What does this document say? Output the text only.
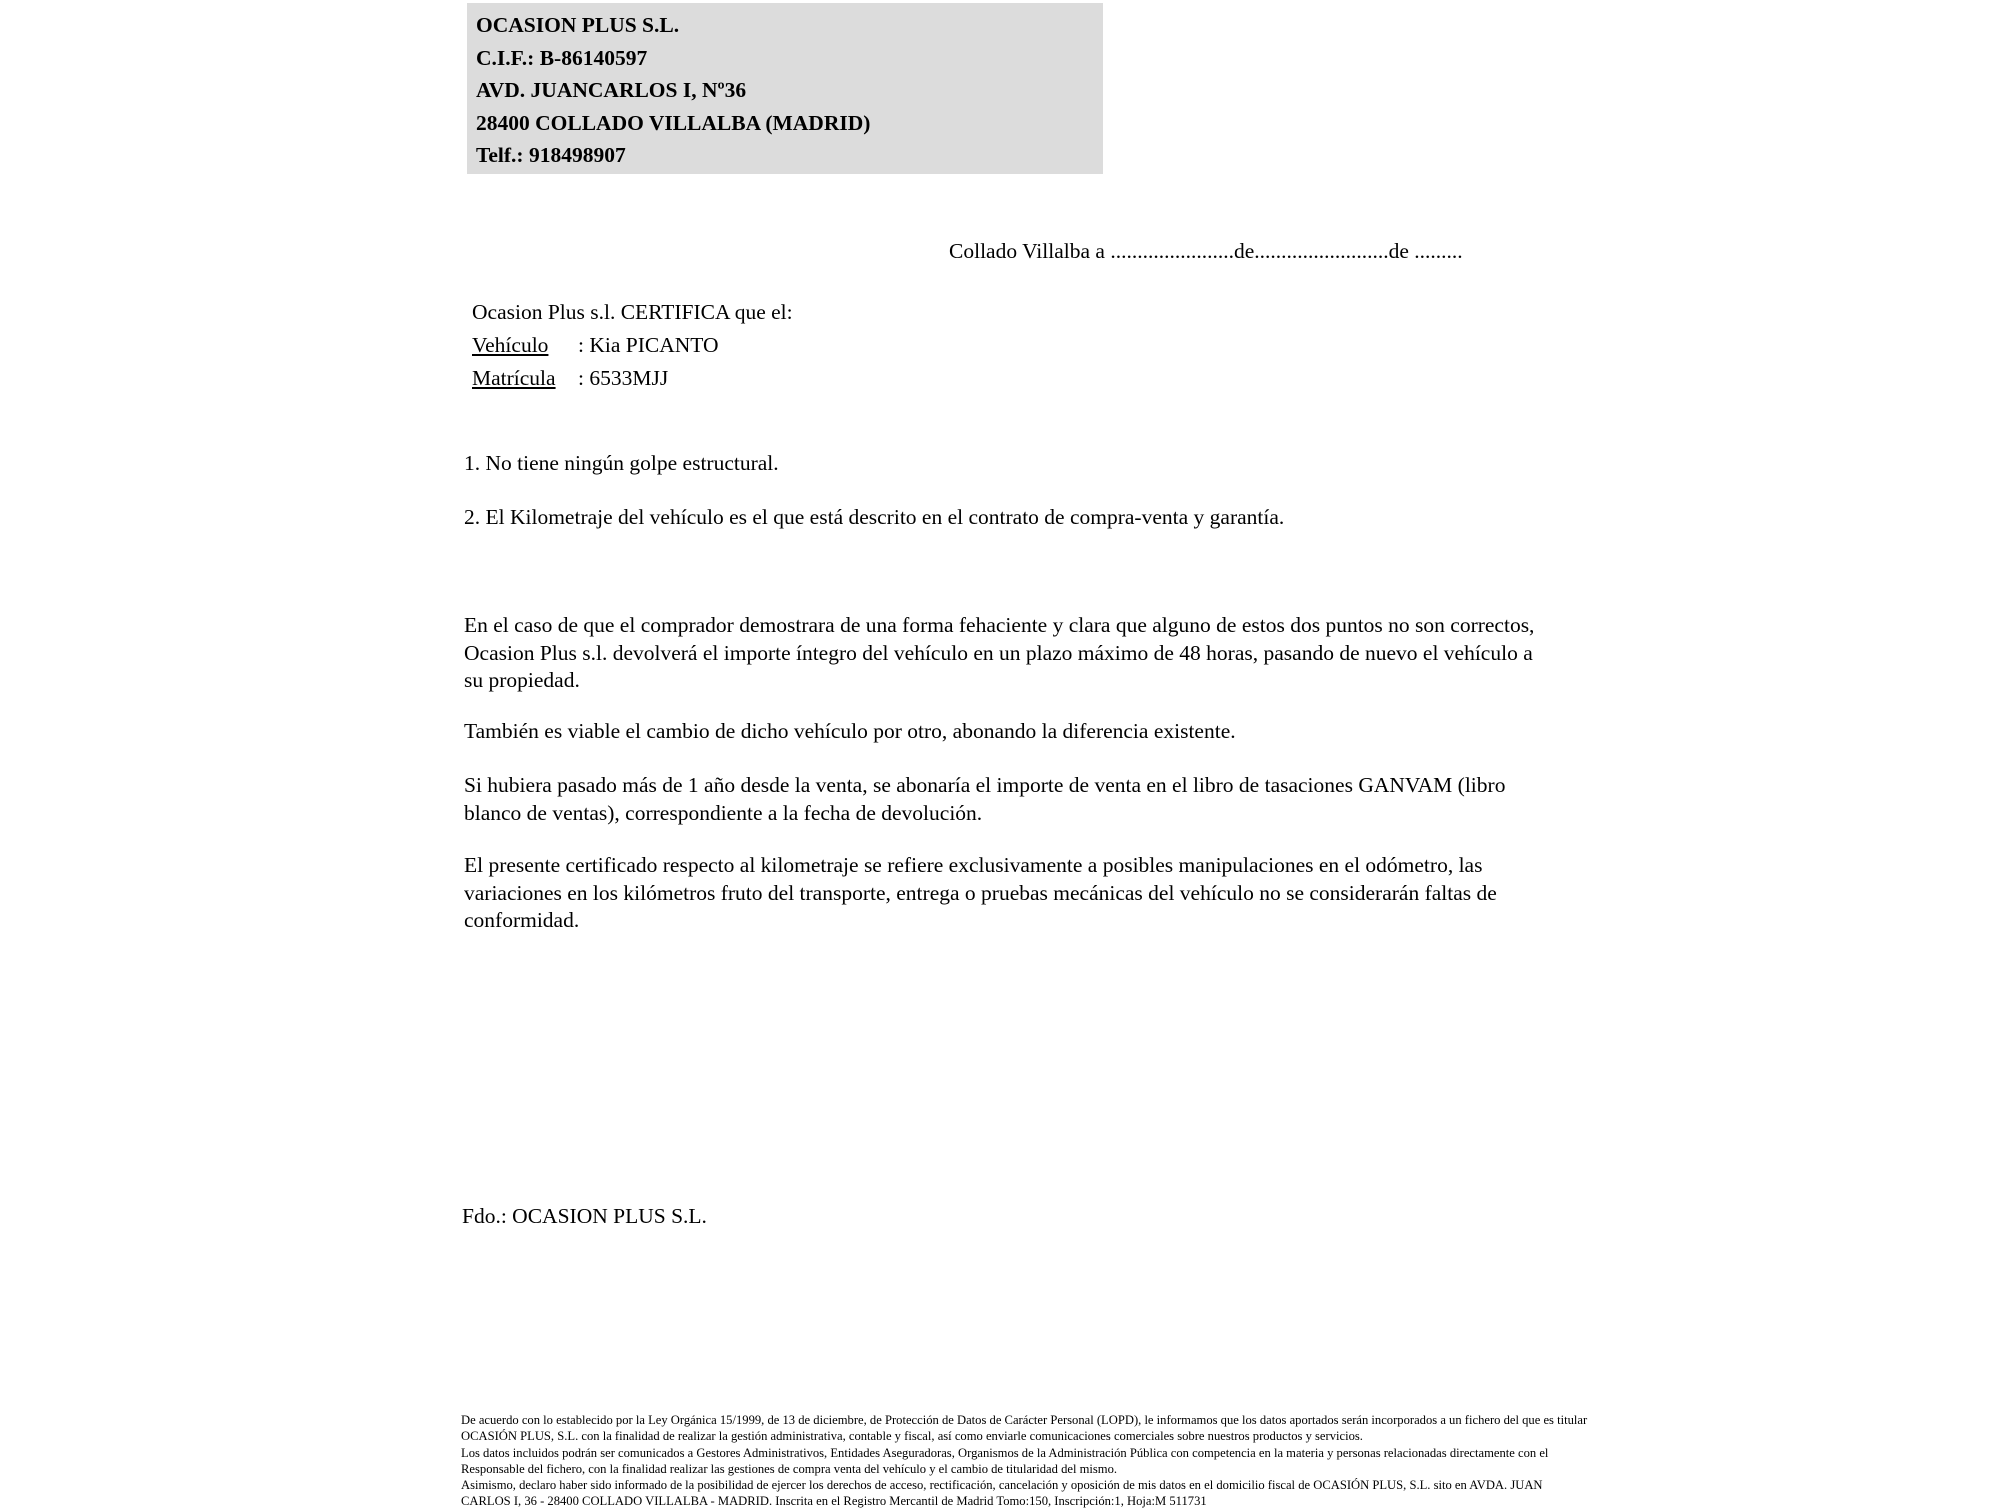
OCASION PLUS S.L.
C.I.F.: B-86140597
AVD. JUANCARLOS I, Nº36
28400 COLLADO VILLALBA (MADRID)
Telf.: 918498907
Collado Villalba a .......................de.........................de .........
Ocasion Plus s.l. CERTIFICA que el:
Vehículo : Kia PICANTO
Matrícula : 6533MJJ
1. No tiene ningún golpe estructural.
2. El Kilometraje del vehículo es el que está descrito en el contrato de compra-venta y garantía.
En el caso de que el comprador demostrara de una forma fehaciente y clara que alguno de estos dos puntos no son correctos, Ocasion Plus s.l. devolverá el importe íntegro del vehículo en un plazo máximo de 48 horas, pasando de nuevo el vehículo a su propiedad.
También es viable el cambio de dicho vehículo por otro, abonando la diferencia existente.
Si hubiera pasado más de 1 año desde la venta, se abonaría el importe de venta en el libro de tasaciones GANVAM (libro blanco de ventas), correspondiente a la fecha de devolución.
El presente certificado respecto al kilometraje se refiere exclusivamente a posibles manipulaciones en el odómetro, las variaciones en los kilómetros fruto del transporte, entrega o pruebas mecánicas del vehículo no se considerarán faltas de conformidad.
Fdo.: OCASION PLUS S.L.
De acuerdo con lo establecido por la Ley Orgánica 15/1999, de 13 de diciembre, de Protección de Datos de Carácter Personal (LOPD), le informamos que los datos aportados serán incorporados a un fichero del que es titular
OCASIÓN PLUS, S.L. con la finalidad de realizar la gestión administrativa, contable y fiscal, así como enviarle comunicaciones comerciales sobre nuestros productos y servicios.
Los datos incluidos podrán ser comunicados a Gestores Administrativos, Entidades Aseguradoras, Organismos de la Administración Pública con competencia en la materia y personas relacionadas directamente con el
Responsable del fichero, con la finalidad realizar las gestiones de compra venta del vehículo y el cambio de titularidad del mismo.
Asimismo, declaro haber sido informado de la posibilidad de ejercer los derechos de acceso, rectificación, cancelación y oposición de mis datos en el domicilio fiscal de OCASIÓN PLUS, S.L. sito en AVDA. JUAN
CARLOS I, 36 - 28400 COLLADO VILLALBA - MADRID. Inscrita en el Registro Mercantil de Madrid Tomo:150, Inscripción:1, Hoja:M 511731
